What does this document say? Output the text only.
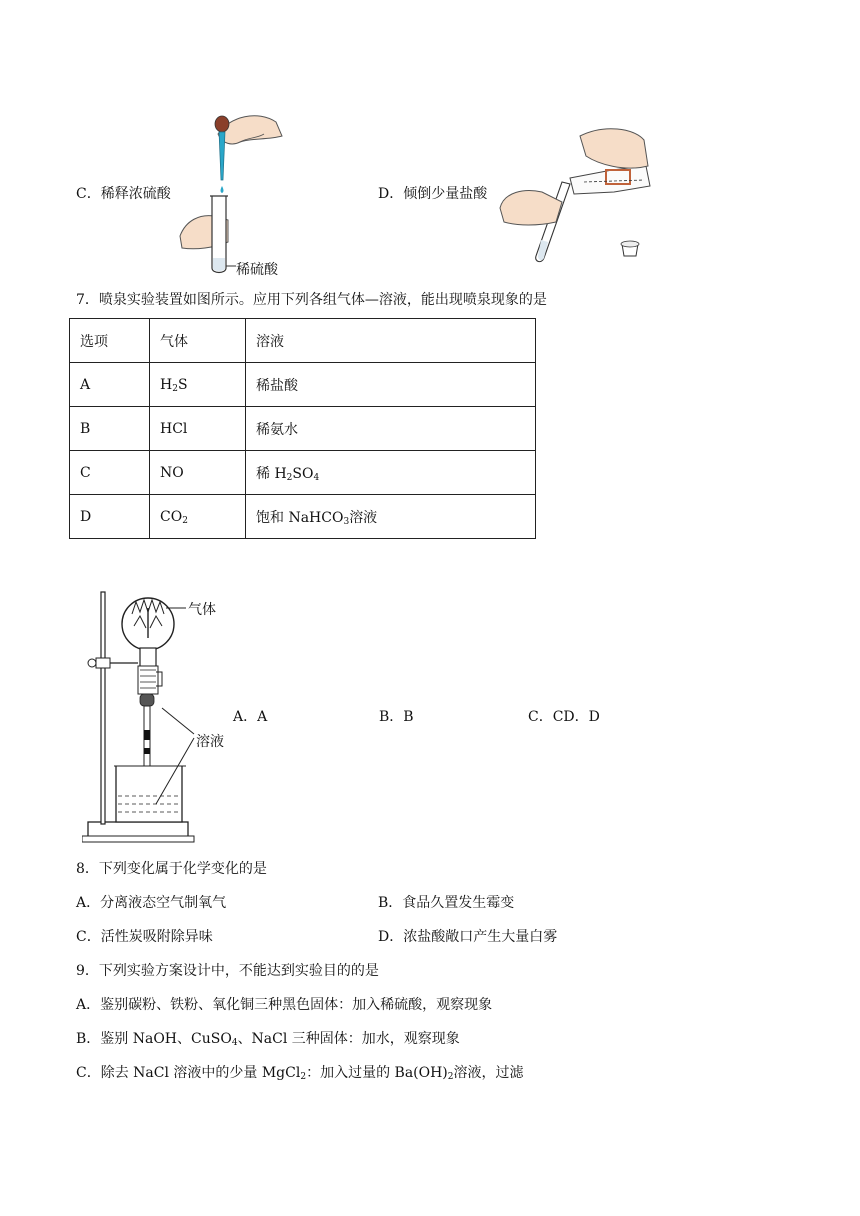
C．稀释浓硫酸	D．倾倒少量盐酸
稀硫酸
7．喷泉实验装置如图所示。应用下列各组气体—溶液，能出现喷泉现象的是
选项	气体	溶液
A	$H_2S$	稀盐酸
B	HCl	稀氨水
C	NO	稀 $H_2SO_4$
D	$CO_2$	饱和 NaHCO$_3$溶液
气体
溶液
A．A	B．B	C．CD．D
8．下列变化属于化学变化的是
A．分离液态空气制氧气	B．食品久置发生霉变
C．活性炭吸附除异味	D．浓盐酸敞口产生大量白雾
9．下列实验方案设计中，不能达到实验目的的是
A．鉴别碳粉、铁粉、氧化铜三种黑色固体：加入稀硫酸，观察现象
B．鉴别 NaOH、CuSO$_4$、NaCl 三种固体：加水，观察现象
C．除去 NaCl 溶液中的少量 MgCl$_2$：加入过量的 $Ba(OH)_2$溶液，过滤
